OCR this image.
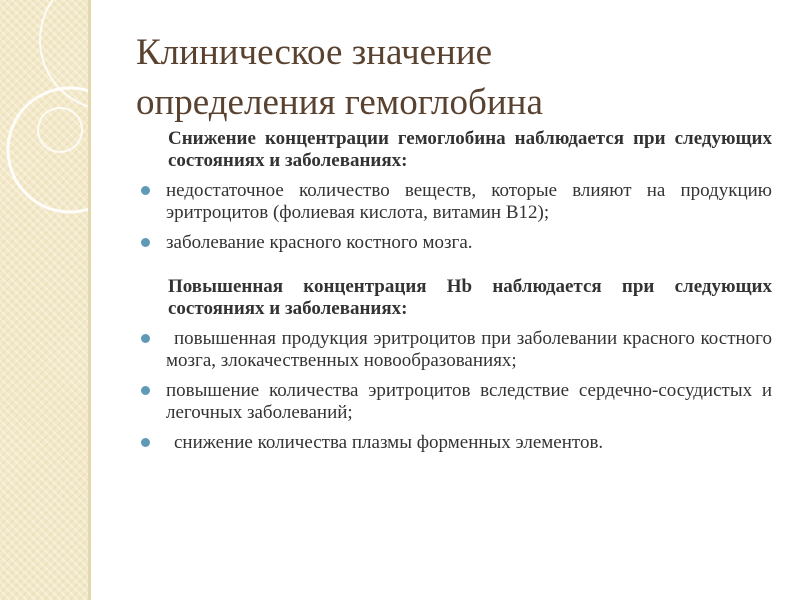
Клиническое значение
определения гемоглобина

Снижение концентрации гемоглобина наблюдается при следующих состояниях и заболеваниях:

недостаточное количество веществ, которые влияют на продукцию эритроцитов (фолиевая кислота, витамин В12);
заболевание красного костного мозга.

Повышенная концентрация Hb наблюдается при следующих состояниях и заболеваниях:

повышенная продукция эритроцитов при заболевании красного костного мозга, злокачественных новообразованиях;
повышение количества эритроцитов вследствие сердечно-сосудистых и легочных заболеваний;
снижение количества плазмы форменных элементов.
